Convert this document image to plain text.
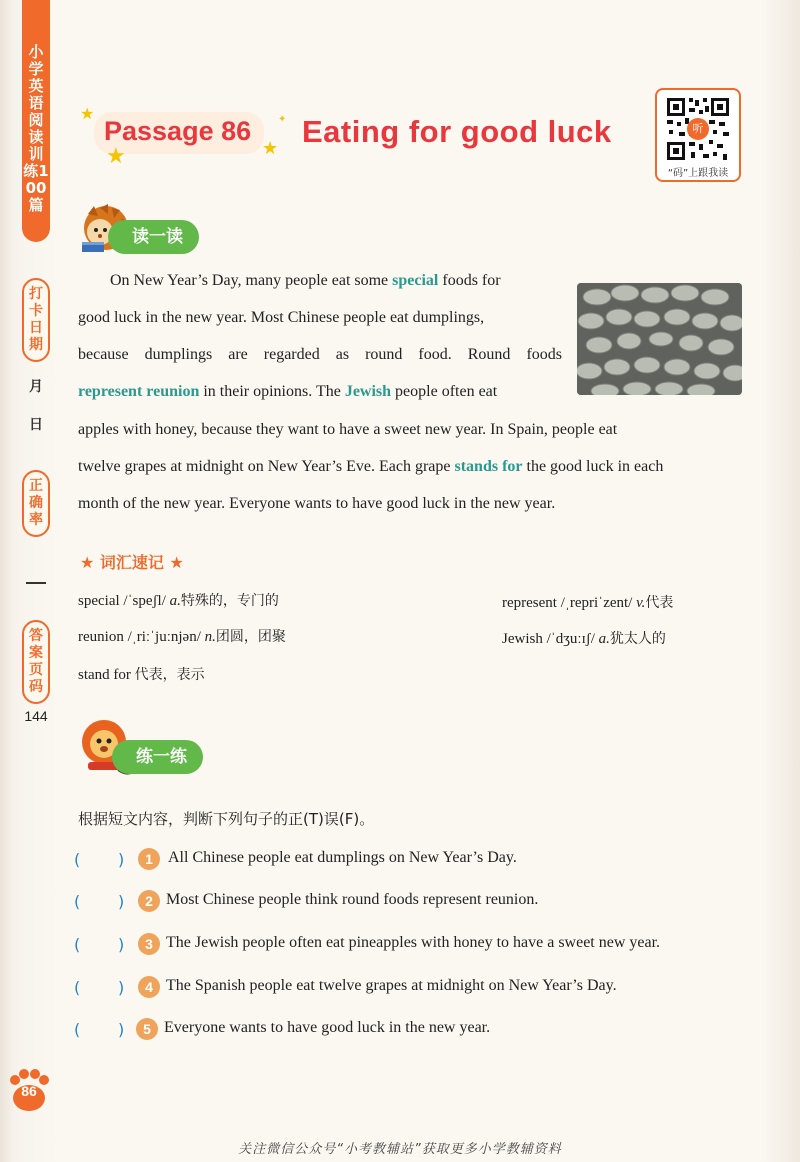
小学英语阅读训练100篇
打卡日期
月
日
正确率
答案页码
144
Passage 86 Eating for good luck
★
★	★
✦
听
“码”上跟我读
读一读
On New Year’s Day, many people eat some special foods for
good luck in the new year. Most Chinese people eat dumplings,
because dumplings are regarded as round food. Round foods
represent reunion in their opinions. The Jewish people often eat
apples with honey, because they want to have a sweet new year. In Spain, people eat
twelve grapes at midnight on New Year’s Eve. Each grape stands for the good luck in each
month of the new year. Everyone wants to have good luck in the new year.
★ 词汇速记 ★
special /ˈspeʃl/ a.特殊的，专门的	represent /ˌrepriˈzent/ v.代表
reunion /ˌriːˈjuːnjən/ n.团圆，团聚	Jewish /ˈdʒuːɪʃ/ a.犹太人的
stand for 代表，表示
练一练
根据短文内容，判断下列句子的正(T)误(F)。
( )	1 All Chinese people eat dumplings on New Year’s Day.
( )	2 Most Chinese people think round foods represent reunion.
( )	3 The Jewish people often eat pineapples with honey to have a sweet new year.
( )	4 The Spanish people eat twelve grapes at midnight on New Year’s Day.
( )	5 Everyone wants to have good luck in the new year.
86
关注微信公众号“小考教辅站”获取更多小学教辅资料
